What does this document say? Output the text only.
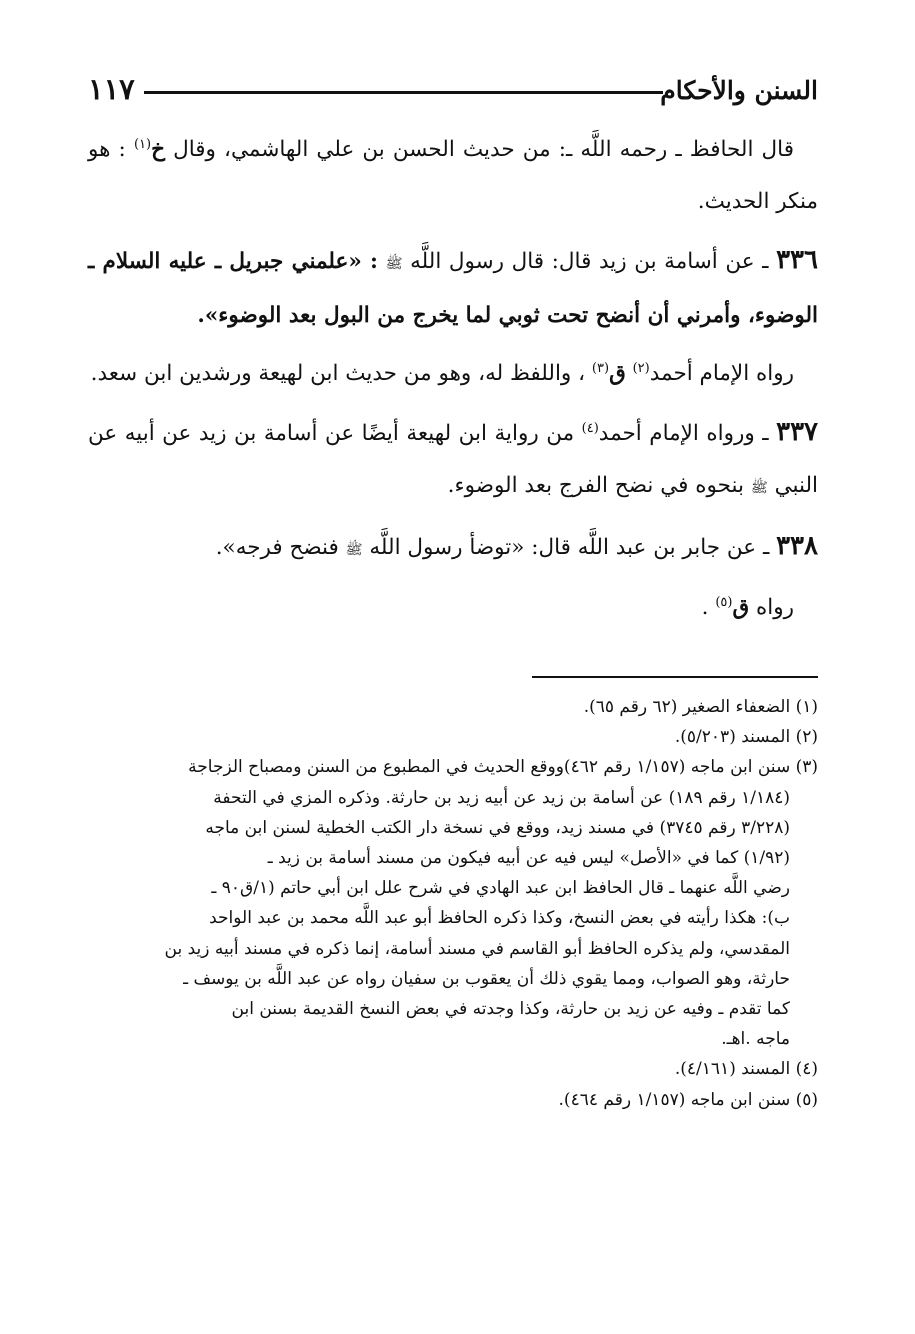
السنن والأحكام
١١٧

قال الحافظ ـ رحمه اللَّه ـ: من حديث الحسن بن علي الهاشمي، وقال خ$^{(١)}$ : هو منكر الحديث.

٣٣٦ ـ عن أسامة بن زيد قال: قال رسول اللَّه ﷺ : «علمني جبريل ـ عليه السلام ـ الوضوء، وأمرني أن أنضح تحت ثوبي لما يخرج من البول بعد الوضوء».

رواه الإمام أحمد$^{(٢)}$ ق$^{(٣)}$ ، واللفظ له، وهو من حديث ابن لهيعة ورشدين ابن سعد.

٣٣٧ ـ ورواه الإمام أحمد$^{(٤)}$ من رواية ابن لهيعة أيضًا عن أسامة بن زيد عن أبيه عن النبي ﷺ بنحوه في نضح الفرج بعد الوضوء.

٣٣٨ ـ عن جابر بن عبد اللَّه قال: «توضأ رسول اللَّه ﷺ فنضح فرجه».

رواه ق$^{(٥)}$ .

(١) الضعفاء الصغير (٦٢ رقم ٦٥).

(٢) المسند (٥/٢٠٣).

(٣) سنن ابن ماجه (١/١٥٧ رقم ٤٦٢)ووقع الحديث في المطبوع من السنن ومصباح الزجاجة

(١/١٨٤ رقم ١٨٩) عن أسامة بن زيد عن أبيه زيد بن حارثة. وذكره المزي في التحفة

(٣/٢٢٨ رقم ٣٧٤٥) في مسند زيد، ووقع في نسخة دار الكتب الخطية لسنن ابن ماجه

(١/٩٢) كما في «الأصل» ليس فيه عن أبيه فيكون من مسند أسامة بن زيد ـ

رضي اللَّه عنهما ـ قال الحافظ ابن عبد الهادي في شرح علل ابن أبي حاتم (١/ق٩٠ ـ

ب): هكذا رأيته في بعض النسخ، وكذا ذكره الحافظ أبو عبد اللَّه محمد بن عبد الواحد

المقدسي، ولم يذكره الحافظ أبو القاسم في مسند أسامة، إنما ذكره في مسند أبيه زيد بن

حارثة، وهو الصواب، ومما يقوي ذلك أن يعقوب بن سفيان رواه عن عبد اللَّه بن يوسف ـ

كما تقدم ـ وفيه عن زيد بن حارثة، وكذا وجدته في بعض النسخ القديمة بسنن ابن

ماجه .اهـ.

(٤) المسند (٤/١٦١).

(٥) سنن ابن ماجه (١/١٥٧ رقم ٤٦٤).
